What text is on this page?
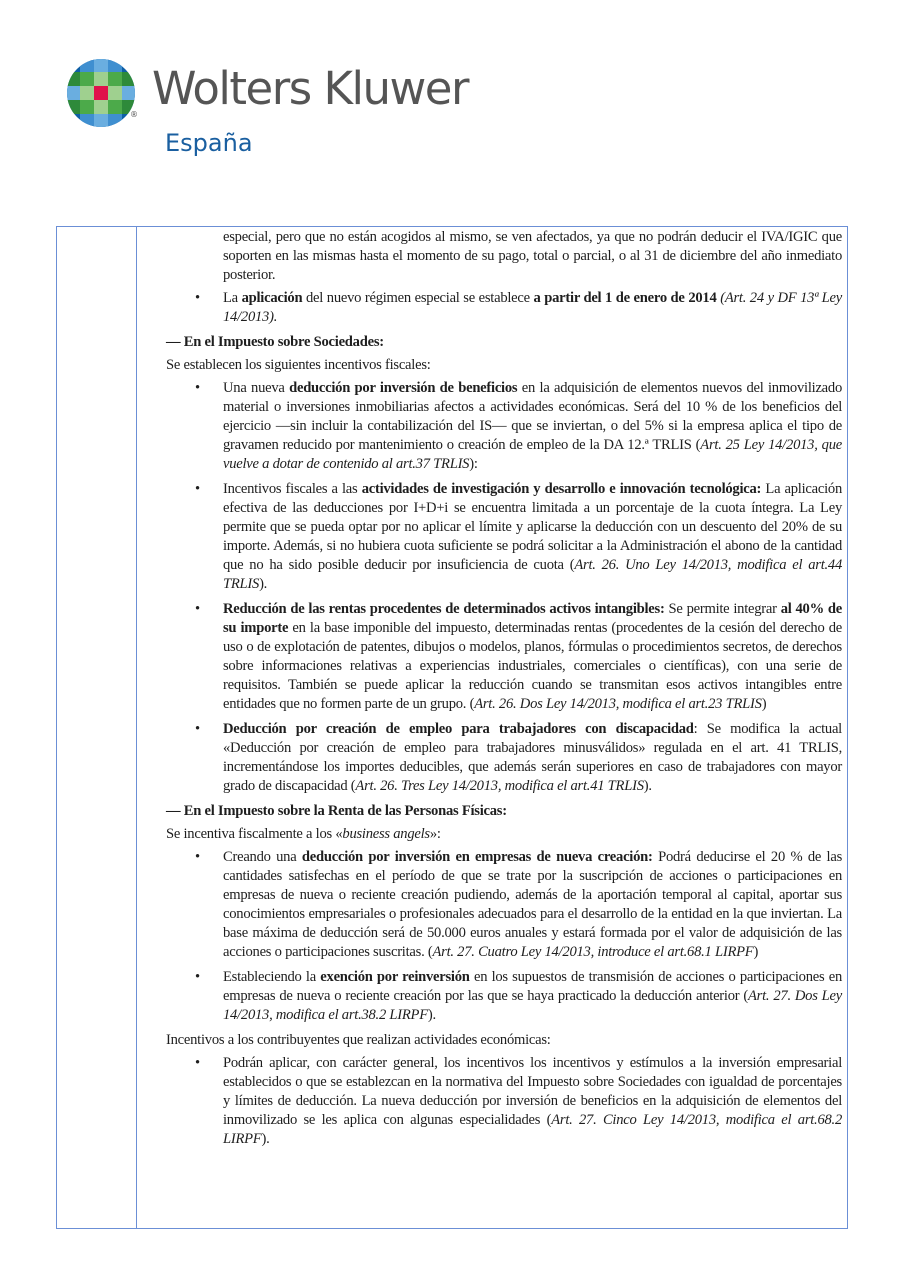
® Wolters Kluwer
España
especial, pero que no están acogidos al mismo, se ven afectados, ya que no podrán deducir el IVA/IGIC que soporten en las mismas hasta el momento de su pago, total o parcial, o al 31 de diciembre del año inmediato posterior.
• La aplicación del nuevo régimen especial se establece a partir del 1 de enero de 2014 (Art. 24 y DF 13ª Ley 14/2013).
— En el Impuesto sobre Sociedades:
Se establecen los siguientes incentivos fiscales:
• Una nueva deducción por inversión de beneficios en la adquisición de elementos nuevos del inmovilizado material o inversiones inmobiliarias afectos a actividades económicas. Será del 10 % de los beneficios del ejercicio —sin incluir la contabilización del IS— que se inviertan, o del 5% si la empresa aplica el tipo de gravamen reducido por mantenimiento o creación de empleo de la DA 12.ª TRLIS (Art. 25 Ley 14/2013, que vuelve a dotar de contenido al art.37 TRLIS):
• Incentivos fiscales a las actividades de investigación y desarrollo e innovación tecnológica: La aplicación efectiva de las deducciones por I+D+i se encuentra limitada a un porcentaje de la cuota íntegra. La Ley permite que se pueda optar por no aplicar el límite y aplicarse la deducción con un descuento del 20% de su importe. Además, si no hubiera cuota suficiente se podrá solicitar a la Administración el abono de la cantidad que no ha sido posible deducir por insuficiencia de cuota (Art. 26. Uno Ley 14/2013, modifica el art.44 TRLIS).
• Reducción de las rentas procedentes de determinados activos intangibles: Se permite integrar al 40% de su importe en la base imponible del impuesto, determinadas rentas (procedentes de la cesión del derecho de uso o de explotación de patentes, dibujos o modelos, planos, fórmulas o procedimientos secretos, de derechos sobre informaciones relativas a experiencias industriales, comerciales o científicas), con una serie de requisitos. También se puede aplicar la reducción cuando se transmitan esos activos intangibles entre entidades que no formen parte de un grupo. (Art. 26. Dos Ley 14/2013, modifica el art.23 TRLIS)
• Deducción por creación de empleo para trabajadores con discapacidad: Se modifica la actual «Deducción por creación de empleo para trabajadores minusválidos» regulada en el art. 41 TRLIS, incrementándose los importes deducibles, que además serán superiores en caso de trabajadores con mayor grado de discapacidad (Art. 26. Tres Ley 14/2013, modifica el art.41 TRLIS).
— En el Impuesto sobre la Renta de las Personas Físicas:
Se incentiva fiscalmente a los «business angels»:
• Creando una deducción por inversión en empresas de nueva creación: Podrá deducirse el 20 % de las cantidades satisfechas en el período de que se trate por la suscripción de acciones o participaciones en empresas de nueva o reciente creación pudiendo, además de la aportación temporal al capital, aportar sus conocimientos empresariales o profesionales adecuados para el desarrollo de la entidad en la que inviertan. La base máxima de deducción será de 50.000 euros anuales y estará formada por el valor de adquisición de las acciones o participaciones suscritas. (Art. 27. Cuatro Ley 14/2013, introduce el art.68.1 LIRPF)
• Estableciendo la exención por reinversión en los supuestos de transmisión de acciones o participaciones en empresas de nueva o reciente creación por las que se haya practicado la deducción anterior (Art. 27. Dos Ley 14/2013, modifica el art.38.2 LIRPF).
Incentivos a los contribuyentes que realizan actividades económicas:
• Podrán aplicar, con carácter general, los incentivos los incentivos y estímulos a la inversión empresarial establecidos o que se establezcan en la normativa del Impuesto sobre Sociedades con igualdad de porcentajes y límites de deducción. La nueva deducción por inversión de beneficios en la adquisición de elementos del inmovilizado se les aplica con algunas especialidades (Art. 27. Cinco Ley 14/2013, modifica el art.68.2 LIRPF).
